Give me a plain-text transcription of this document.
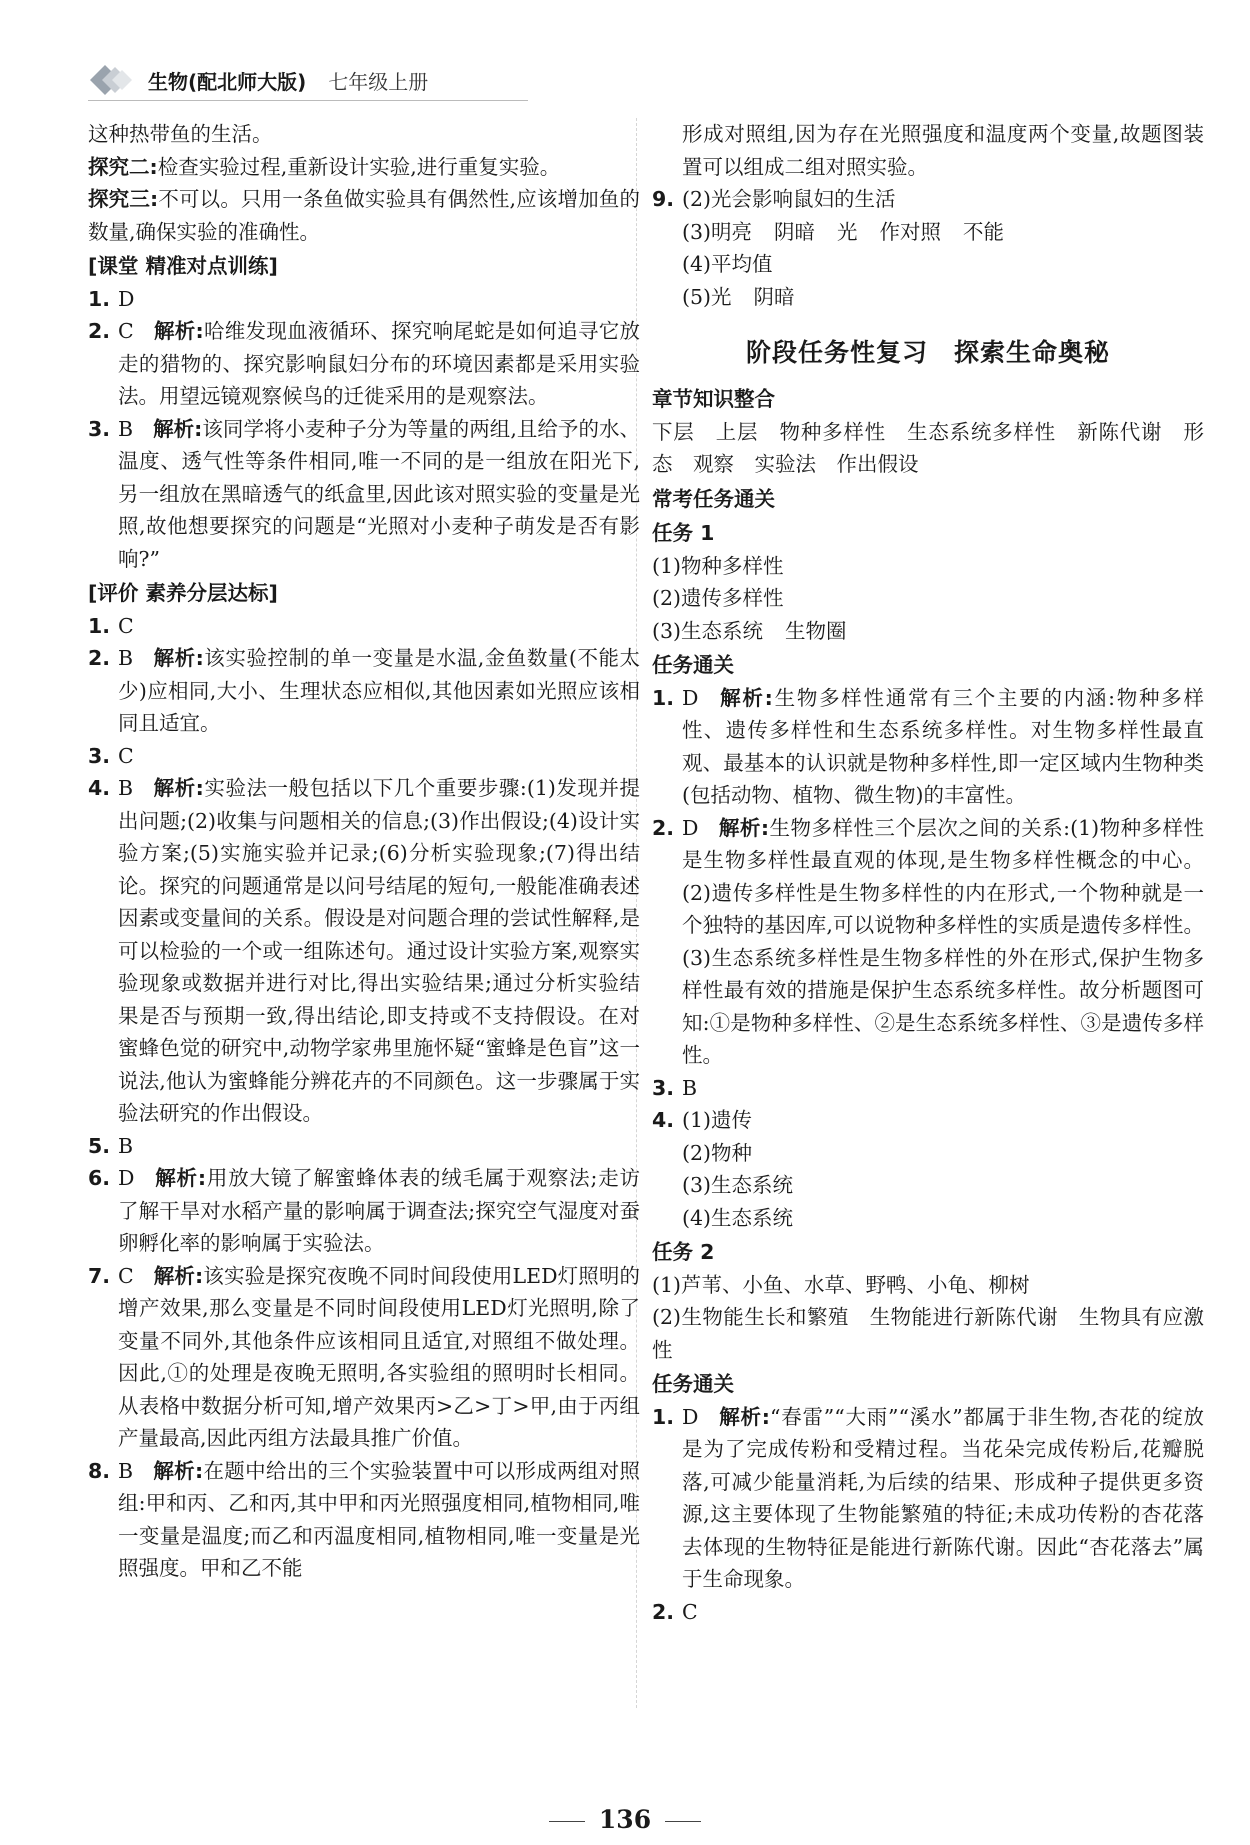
生物(配北师大版) 七年级上册

这种热带鱼的生活。

探究二:检查实验过程,重新设计实验,进行重复实验。

探究三:不可以。只用一条鱼做实验具有偶然性,应该增加鱼的数量,确保实验的准确性。

[课堂 精准对点训练]

1. D
2. C 解析:哈维发现血液循环、探究响尾蛇是如何追寻它放走的猎物的、探究影响鼠妇分布的环境因素都是采用实验法。用望远镜观察候鸟的迁徙采用的是观察法。
3. B 解析:该同学将小麦种子分为等量的两组,且给予的水、温度、透气性等条件相同,唯一不同的是一组放在阳光下,另一组放在黑暗透气的纸盒里,因此该对照实验的变量是光照,故他想要探究的问题是“光照对小麦种子萌发是否有影响?”

[评价 素养分层达标]

1. C
2. B 解析:该实验控制的单一变量是水温,金鱼数量(不能太少)应相同,大小、生理状态应相似,其他因素如光照应该相同且适宜。
3. C
4. B 解析:实验法一般包括以下几个重要步骤:(1)发现并提出问题;(2)收集与问题相关的信息;(3)作出假设;(4)设计实验方案;(5)实施实验并记录;(6)分析实验现象;(7)得出结论。探究的问题通常是以问号结尾的短句,一般能准确表述因素或变量间的关系。假设是对问题合理的尝试性解释,是可以检验的一个或一组陈述句。通过设计实验方案,观察实验现象或数据并进行对比,得出实验结果;通过分析实验结果是否与预期一致,得出结论,即支持或不支持假设。在对蜜蜂色觉的研究中,动物学家弗里施怀疑“蜜蜂是色盲”这一说法,他认为蜜蜂能分辨花卉的不同颜色。这一步骤属于实验法研究的作出假设。
5. B
6. D 解析:用放大镜了解蜜蜂体表的绒毛属于观察法;走访了解干旱对水稻产量的影响属于调查法;探究空气湿度对蚕卵孵化率的影响属于实验法。
7. C 解析:该实验是探究夜晚不同时间段使用LED灯照明的增产效果,那么变量是不同时间段使用LED灯光照明,除了变量不同外,其他条件应该相同且适宜,对照组不做处理。因此,①的处理是夜晚无照明,各实验组的照明时长相同。从表格中数据分析可知,增产效果丙>乙>丁>甲,由于丙组产量最高,因此丙组方法最具推广价值。
8. B 解析:在题中给出的三个实验装置中可以形成两组对照组:甲和丙、乙和丙,其中甲和丙光照强度相同,植物相同,唯一变量是温度;而乙和丙温度相同,植物相同,唯一变量是光照强度。甲和乙不能

形成对照组,因为存在光照强度和温度两个变量,故题图装置可以组成二组对照实验。

9. (2)光会影响鼠妇的生活

(3)明亮 阴暗 光 作对照 不能

(4)平均值

(5)光 阴暗

阶段任务性复习 探索生命奥秘

章节知识整合

下层　上层　物种多样性　生态系统多样性　新陈代谢　形态　观察　实验法　作出假设

常考任务通关

任务 1

(1)物种多样性

(2)遗传多样性

(3)生态系统 生物圈

任务通关

1. D 解析:生物多样性通常有三个主要的内涵:物种多样性、遗传多样性和生态系统多样性。对生物多样性最直观、最基本的认识就是物种多样性,即一定区域内生物种类(包括动物、植物、微生物)的丰富性。
2. D 解析:生物多样性三个层次之间的关系:(1)物种多样性是生物多样性最直观的体现,是生物多样性概念的中心。(2)遗传多样性是生物多样性的内在形式,一个物种就是一个独特的基因库,可以说物种多样性的实质是遗传多样性。(3)生态系统多样性是生物多样性的外在形式,保护生物多样性最有效的措施是保护生态系统多样性。故分析题图可知:①是物种多样性、②是生态系统多样性、③是遗传多样性。
3. B
4. (1)遗传

(2)物种

(3)生态系统

(4)生态系统

任务 2

(1)芦苇、小鱼、水草、野鸭、小龟、柳树

(2)生物能生长和繁殖　生物能进行新陈代谢　生物具有应激性

任务通关

1. D 解析:“春雷”“大雨”“溪水”都属于非生物,杏花的绽放是为了完成传粉和受精过程。当花朵完成传粉后,花瓣脱落,可减少能量消耗,为后续的结果、形成种子提供更多资源,这主要体现了生物能繁殖的特征;未成功传粉的杏花落去体现的生物特征是能进行新陈代谢。因此“杏花落去”属于生命现象。
2. C
136
